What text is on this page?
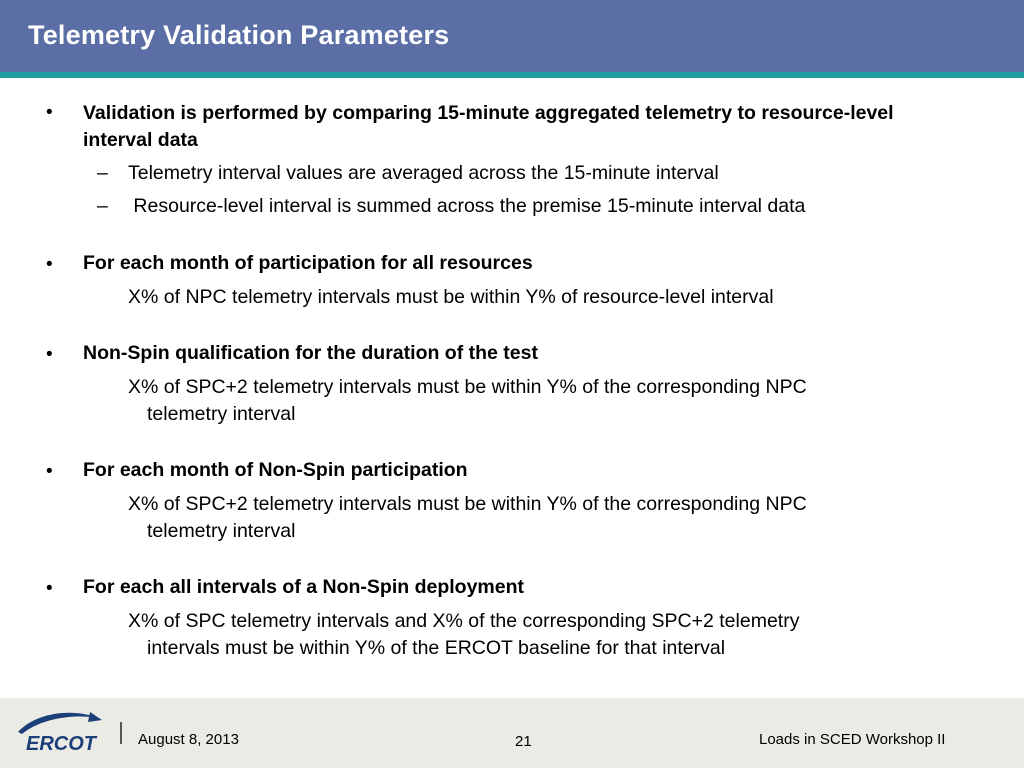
Telemetry Validation Parameters
• Validation is performed by comparing 15-minute aggregated telemetry to resource-level interval data
– Telemetry interval values are averaged across the 15-minute interval
– Resource-level interval is summed across the premise 15-minute interval data
• For each month of participation for all resources
X% of NPC telemetry intervals must be within Y% of resource-level interval
• Non-Spin qualification for the duration of the test
X% of SPC+2 telemetry intervals must be within Y% of the corresponding NPC
telemetry interval
• For each month of Non-Spin participation
X% of SPC+2 telemetry intervals must be within Y% of the corresponding NPC
telemetry interval
• For each all intervals of a Non-Spin deployment
X% of SPC telemetry intervals and X% of the corresponding SPC+2 telemetry
intervals must be within Y% of the ERCOT baseline for that interval
ERCOT	August 8, 2013	21	Loads in SCED Workshop II
